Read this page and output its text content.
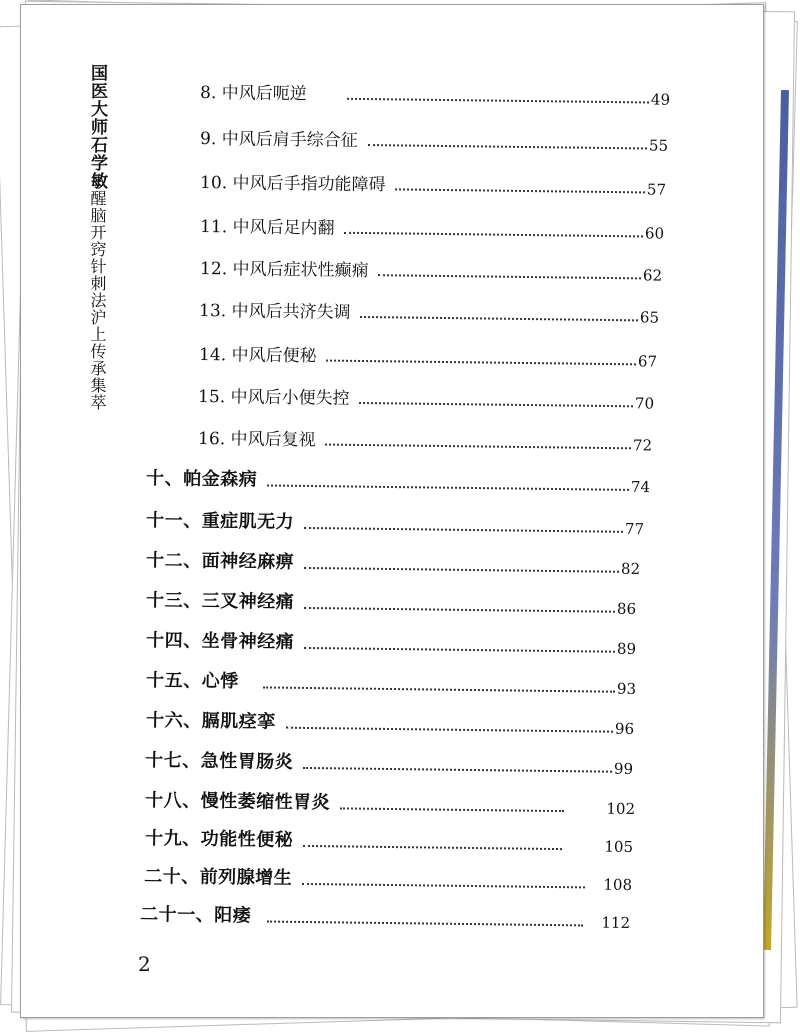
国医大师石学敏醒脑开窍针刺法沪上传承集萃
8. 中风后呃逆	49
9. 中风后肩手综合征	55
10. 中风后手指功能障碍	57
11. 中风后足内翻	60
12. 中风后症状性癫痫	62
13. 中风后共济失调	65
14. 中风后便秘	67
15. 中风后小便失控	70
16. 中风后复视	72
十、帕金森病	74
十一、重症肌无力	77
十二、面神经麻痹	82
十三、三叉神经痛	86
十四、坐骨神经痛	89
十五、心悸	93
十六、膈肌痉挛	96
十七、急性胃肠炎	99
十八、慢性萎缩性胃炎	102
十九、功能性便秘	105
二十、前列腺增生	108
二十一、阳痿	112
2
